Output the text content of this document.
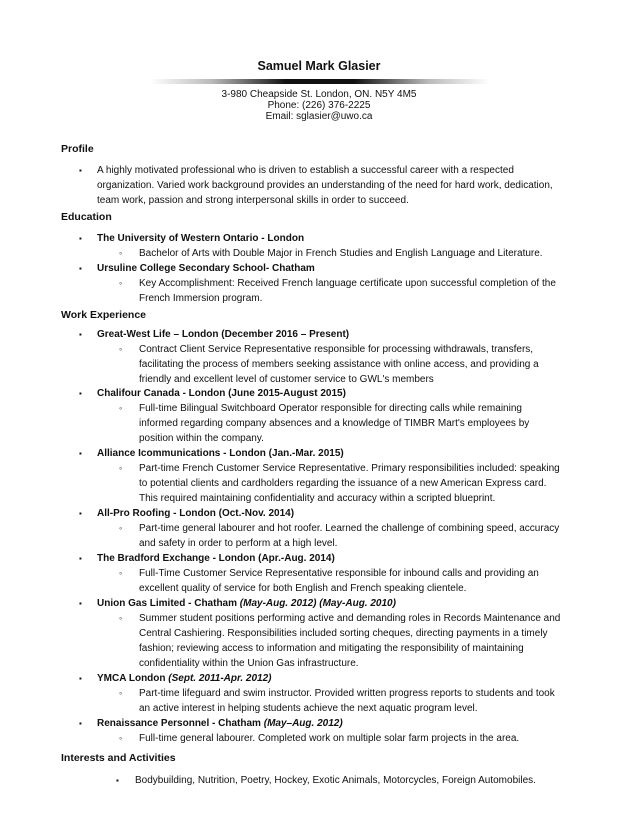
Samuel Mark Glasier
3-980 Cheapside St. London, ON. N5Y 4M5
Phone: (226) 376-2225
Email: sglasier@uwo.ca
Profile
▪ A highly motivated professional who is driven to establish a successful career with a respected
organization. Varied work background provides an understanding of the need for hard work, dedication,
team work, passion and strong interpersonal skills in order to succeed.
Education
▪ The University of Western Ontario - London
◦ Bachelor of Arts with Double Major in French Studies and English Language and Literature.
▪ Ursuline College Secondary School- Chatham
◦ Key Accomplishment: Received French language certificate upon successful completion of the
French Immersion program.
Work Experience
▪ Great-West Life – London (December 2016 – Present)
◦ Contract Client Service Representative responsible for processing withdrawals, transfers,
facilitating the process of members seeking assistance with online access, and providing a
friendly and excellent level of customer service to GWL's members
▪ Chalifour Canada - London (June 2015-August 2015)
◦ Full-time Bilingual Switchboard Operator responsible for directing calls while remaining
informed regarding company absences and a knowledge of TIMBR Mart's employees by
position within the company.
▪ Alliance Icommunications - London (Jan.-Mar. 2015)
◦ Part-time French Customer Service Representative. Primary responsibilities included: speaking
to potential clients and cardholders regarding the issuance of a new American Express card.
This required maintaining confidentiality and accuracy within a scripted blueprint.
▪ All-Pro Roofing - London (Oct.-Nov. 2014)
◦ Part-time general labourer and hot roofer. Learned the challenge of combining speed, accuracy
and safety in order to perform at a high level.
▪ The Bradford Exchange - London (Apr.-Aug. 2014)
◦ Full-Time Customer Service Representative responsible for inbound calls and providing an
excellent quality of service for both English and French speaking clientele.
▪ Union Gas Limited - Chatham (May-Aug. 2012) (May-Aug. 2010)
◦ Summer student positions performing active and demanding roles in Records Maintenance and
Central Cashiering. Responsibilities included sorting cheques, directing payments in a timely
fashion; reviewing access to information and mitigating the responsibility of maintaining
confidentiality within the Union Gas infrastructure.
▪ YMCA London (Sept. 2011-Apr. 2012)
◦ Part-time lifeguard and swim instructor. Provided written progress reports to students and took
an active interest in helping students achieve the next aquatic program level.
▪ Renaissance Personnel - Chatham (May–Aug. 2012)
◦ Full-time general labourer. Completed work on multiple solar farm projects in the area.
Interests and Activities
▪ Bodybuilding, Nutrition, Poetry, Hockey, Exotic Animals, Motorcycles, Foreign Automobiles.
